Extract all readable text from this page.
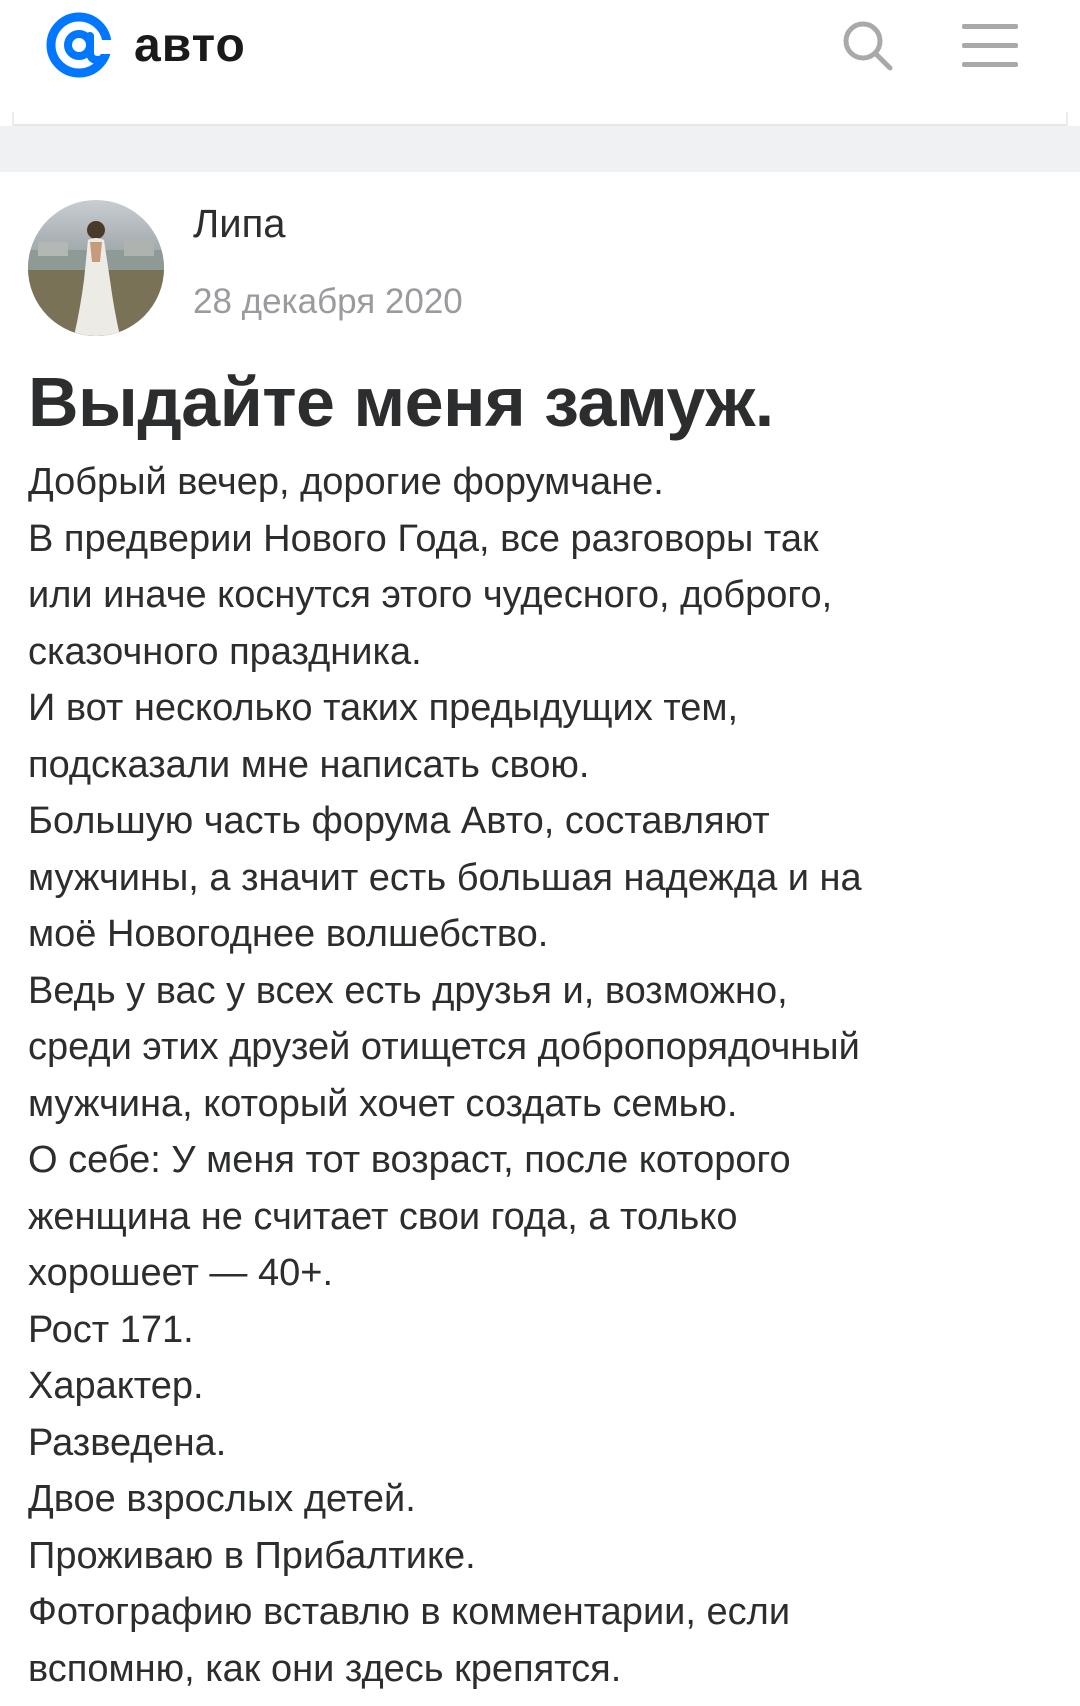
авто
Липа
28 декабря 2020
Выдайте меня замуж.
Добрый вечер, дорогие форумчане.
В предверии Нового Года, все разговоры так
или иначе коснутся этого чудесного, доброго,
сказочного праздника.
И вот несколько таких предыдущих тем,
подсказали мне написать свою.
Большую часть форума Авто, составляют
мужчины, а значит есть большая надежда и на
моё Новогоднее волшебство.
Ведь у вас у всех есть друзья и, возможно,
среди этих друзей отищется добропорядочный
мужчина, который хочет создать семью.
О себе: У меня тот возраст, после которого
женщина не считает свои года, а только
хорошеет — 40+.
Рост 171.
Характер.
Разведена.
Двое взрослых детей.
Проживаю в Прибалтике.
Фотографию вставлю в комментарии, если
вспомню, как они здесь крепятся.
